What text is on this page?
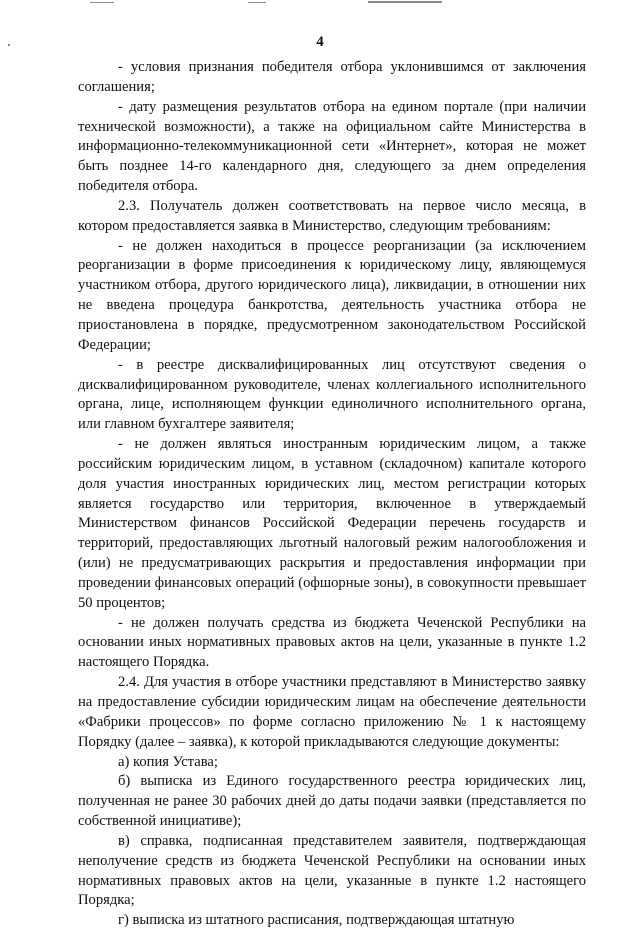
4

- условия признания победителя отбора уклонившимся от заключения соглашения;

- дату размещения результатов отбора на едином портале (при наличии технической возможности), а также на официальном сайте Министерства в информационно-телекоммуникационной сети «Интернет», которая не может быть позднее 14-го календарного дня, следующего за днем определения победителя отбора.

2.3. Получатель должен соответствовать на первое число месяца, в котором предоставляется заявка в Министерство, следующим требованиям:

- не должен находиться в процессе реорганизации (за исключением реорганизации в форме присоединения к юридическому лицу, являющемуся участником отбора, другого юридического лица), ликвидации, в отношении них не введена процедура банкротства, деятельность участника отбора не приостановлена в порядке, предусмотренном законодательством Российской Федерации;

- в реестре дисквалифицированных лиц отсутствуют сведения о дисквалифицированном руководителе, членах коллегиального исполнительного органа, лице, исполняющем функции единоличного исполнительного органа, или главном бухгалтере заявителя;

- не должен являться иностранным юридическим лицом, а также российским юридическим лицом, в уставном (складочном) капитале которого доля участия иностранных юридических лиц, местом регистрации которых является государство или территория, включенное в утверждаемый Министерством финансов Российской Федерации перечень государств и территорий, предоставляющих льготный налоговый режим налогообложения и (или) не предусматривающих раскрытия и предоставления информации при проведении финансовых операций (офшорные зоны), в совокупности превышает 50 процентов;

- не должен получать средства из бюджета Чеченской Республики на основании иных нормативных правовых актов на цели, указанные в пункте 1.2 настоящего Порядка.

2.4. Для участия в отборе участники представляют в Министерство заявку на предоставление субсидии юридическим лицам на обеспечение деятельности «Фабрики процессов» по форме согласно приложению № 1 к настоящему Порядку (далее – заявка), к которой прикладываются следующие документы:

а) копия Устава;

б) выписка из Единого государственного реестра юридических лиц, полученная не ранее 30 рабочих дней до даты подачи заявки (представляется по собственной инициативе);

в) справка, подписанная представителем заявителя, подтверждающая неполучение средств из бюджета Чеченской Республики на основании иных нормативных правовых актов на цели, указанные в пункте 1.2 настоящего Порядка;

г) выписка из штатного расписания, подтверждающая штатную
